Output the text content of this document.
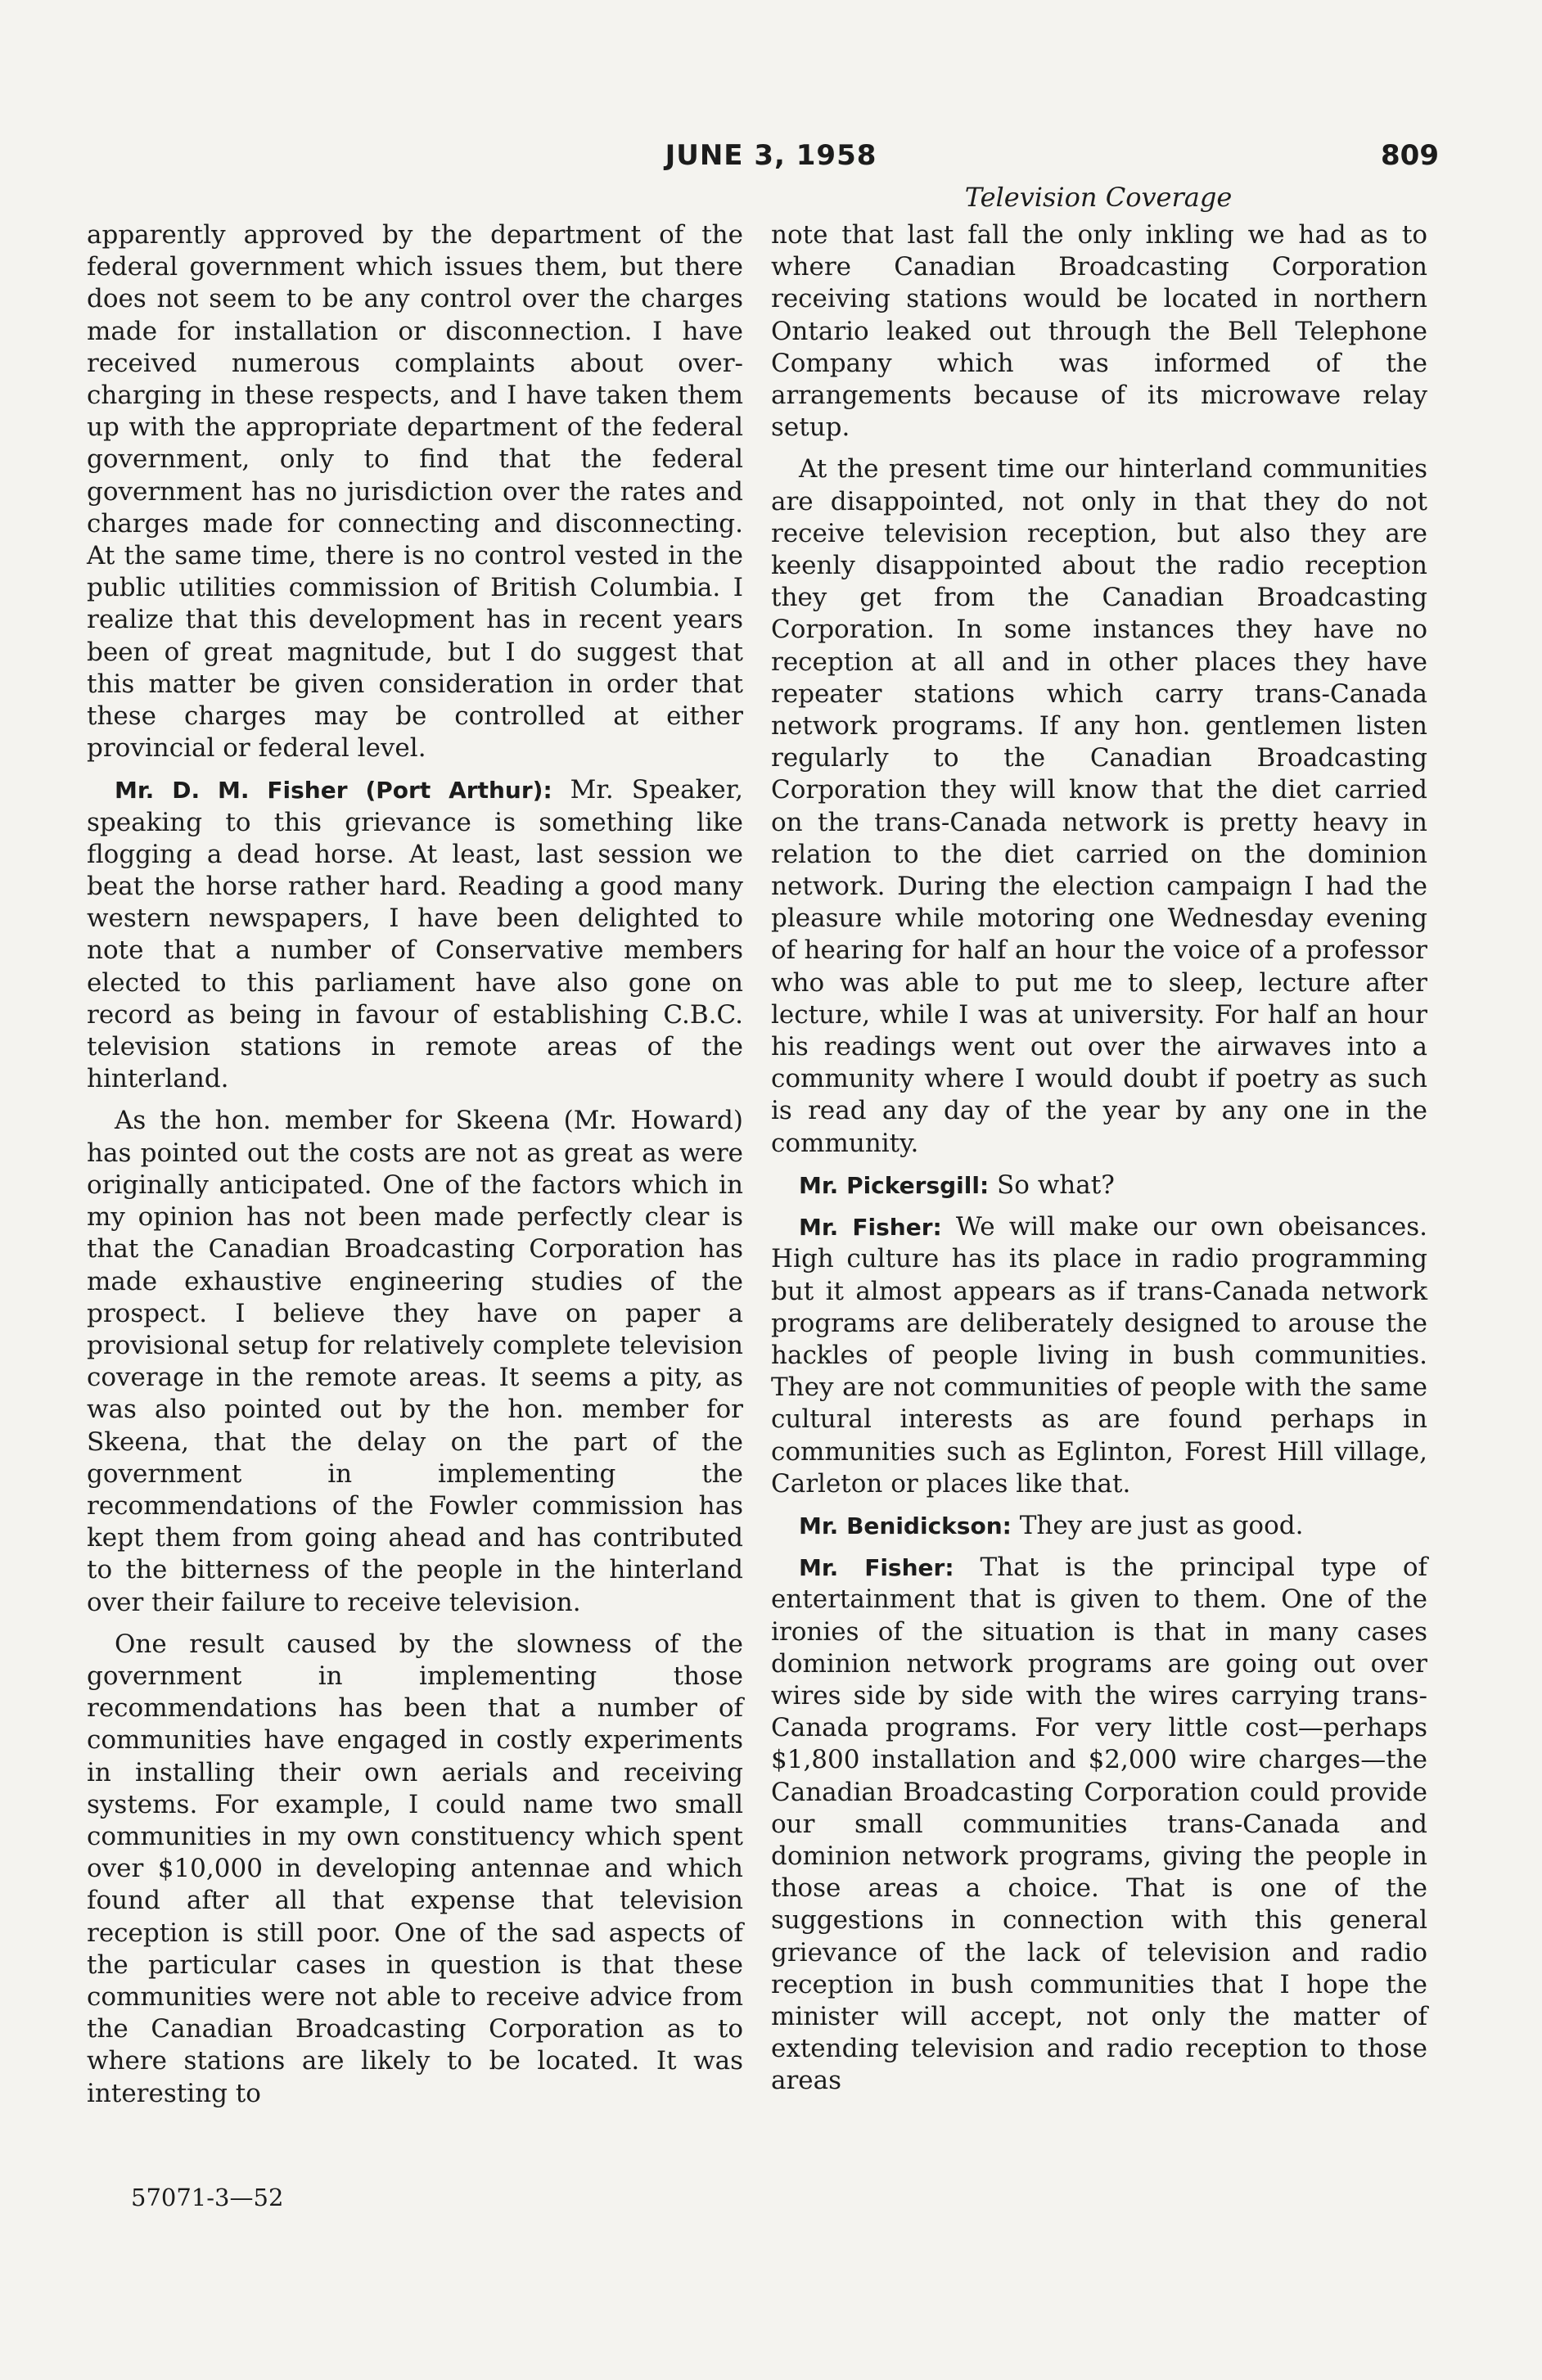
JUNE 3, 1958	809
Television Coverage

apparently approved by the department of the federal government which issues them, but there does not seem to be any control over the charges made for installation or disconnection. I have received numerous complaints about over-charging in these respects, and I have taken them up with the appropriate department of the federal government, only to find that the federal government has no jurisdiction over the rates and charges made for connecting and disconnecting. At the same time, there is no control vested in the public utilities commission of British Columbia. I realize that this development has in recent years been of great magnitude, but I do suggest that this matter be given consideration in order that these charges may be controlled at either provincial or federal level.

Mr. D. M. Fisher (Port Arthur): Mr. Speaker, speaking to this grievance is something like flogging a dead horse. At least, last session we beat the horse rather hard. Reading a good many western newspapers, I have been delighted to note that a number of Conservative members elected to this parliament have also gone on record as being in favour of establishing C.B.C. television stations in remote areas of the hinterland.

As the hon. member for Skeena (Mr. Howard) has pointed out the costs are not as great as were originally anticipated. One of the factors which in my opinion has not been made perfectly clear is that the Canadian Broadcasting Corporation has made exhaustive engineering studies of the prospect. I believe they have on paper a provisional setup for relatively complete television coverage in the remote areas. It seems a pity, as was also pointed out by the hon. member for Skeena, that the delay on the part of the government in implementing the recommendations of the Fowler commission has kept them from going ahead and has contributed to the bitterness of the people in the hinterland over their failure to receive television.

One result caused by the slowness of the government in implementing those recommendations has been that a number of communities have engaged in costly experiments in installing their own aerials and receiving systems. For example, I could name two small communities in my own constituency which spent over $10,000 in developing antennae and which found after all that expense that television reception is still poor. One of the sad aspects of the particular cases in question is that these communities were not able to receive advice from the Canadian Broadcasting Corporation as to where stations are likely to be located. It was interesting to

note that last fall the only inkling we had as to where Canadian Broadcasting Corporation receiving stations would be located in northern Ontario leaked out through the Bell Telephone Company which was informed of the arrangements because of its microwave relay setup.

At the present time our hinterland communities are disappointed, not only in that they do not receive television reception, but also they are keenly disappointed about the radio reception they get from the Canadian Broadcasting Corporation. In some instances they have no reception at all and in other places they have repeater stations which carry trans-Canada network programs. If any hon. gentlemen listen regularly to the Canadian Broadcasting Corporation they will know that the diet carried on the trans-Canada network is pretty heavy in relation to the diet carried on the dominion network. During the election campaign I had the pleasure while motoring one Wednesday evening of hearing for half an hour the voice of a professor who was able to put me to sleep, lecture after lecture, while I was at university. For half an hour his readings went out over the airwaves into a community where I would doubt if poetry as such is read any day of the year by any one in the community.

Mr. Pickersgill: So what?

Mr. Fisher: We will make our own obeisances. High culture has its place in radio programming but it almost appears as if trans-Canada network programs are deliberately designed to arouse the hackles of people living in bush communities. They are not communities of people with the same cultural interests as are found perhaps in communities such as Eglinton, Forest Hill village, Carleton or places like that.

Mr. Benidickson: They are just as good.

Mr. Fisher: That is the principal type of entertainment that is given to them. One of the ironies of the situation is that in many cases dominion network programs are going out over wires side by side with the wires carrying trans-Canada programs. For very little cost—perhaps $1,800 installation and $2,000 wire charges—the Canadian Broadcasting Corporation could provide our small communities trans-Canada and dominion network programs, giving the people in those areas a choice. That is one of the suggestions in connection with this general grievance of the lack of television and radio reception in bush communities that I hope the minister will accept, not only the matter of extending television and radio reception to those areas

57071-3—52
